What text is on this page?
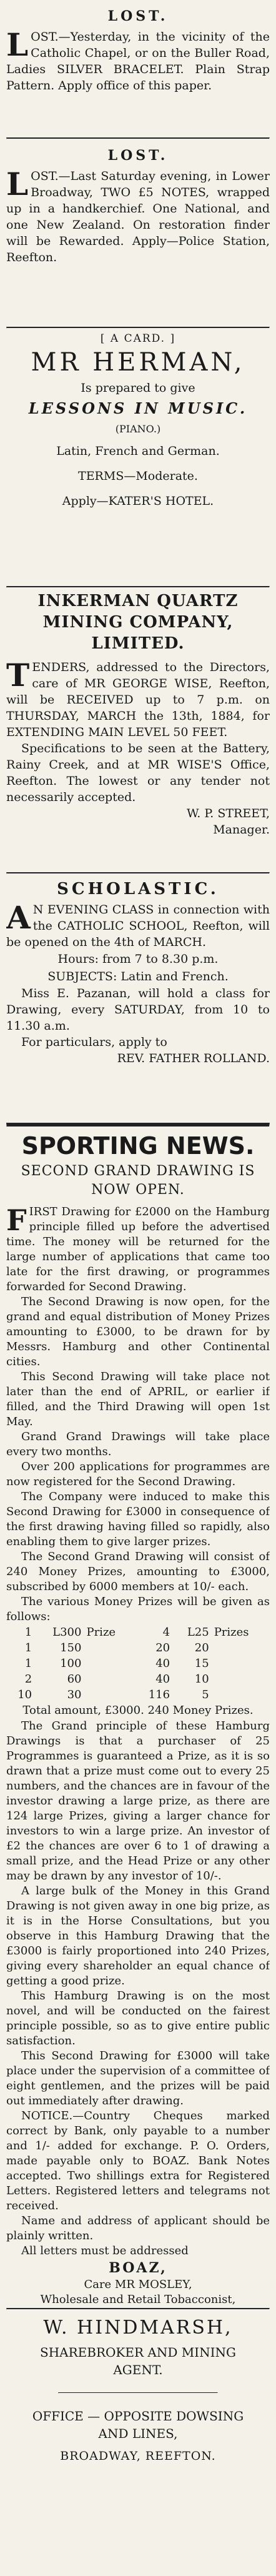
LOST.
LOST.—Yesterday, in the vicinity of the Catholic Chapel, or on the Buller Road, Ladies SILVER BRACELET. Plain Strap Pattern. Apply office of this paper.
LOST.
LOST.—Last Saturday evening, in Lower Broadway, TWO £5 NOTES, wrapped up in a handkerchief. One National, and one New Zealand. On restoration finder will be Rewarded. Apply—Police Station, Reefton.
[ A CARD. ]
MR HERMAN,
Is prepared to give
LESSONS IN MUSIC.
(PIANO.)
Latin, French and German.
TERMS—Moderate.
Apply—KATER'S HOTEL.
INKERMAN QUARTZ MINING COMPANY, LIMITED.
TENDERS, addressed to the Directors, care of MR GEORGE WISE, Reefton, will be RECEIVED up to 7 p.m. on THURSDAY, MARCH the 13th, 1884, for EXTENDING MAIN LEVEL 50 FEET.
Specifications to be seen at the Battery, Rainy Creek, and at MR WISE'S Office, Reefton. The lowest or any tender not necessarily accepted.
W. P. STREET,
Manager.
SCHOLASTIC.
A N EVENING CLASS in connection with the CATHOLIC SCHOOL, Reefton, will be opened on the 4th of MARCH.
Hours: from 7 to 8.30 p.m.
SUBJECTS: Latin and French.
Miss E. Pazanan, will hold a class for Drawing, every SATURDAY, from 10 to 11.30 a.m.
For particulars, apply to
REV. FATHER ROLLAND.
SPORTING NEWS.
SECOND GRAND DRAWING IS NOW OPEN.
FIRST Drawing for £2000 on the Hamburg principle filled up before the advertised time. The money will be returned for the large number of applications that came too late for the first drawing, or programmes forwarded for Second Drawing.
The Second Drawing is now open, for the grand and equal distribution of Money Prizes amounting to £3000, to be drawn for by Messrs. Hamburg and other Continental cities.
This Second Drawing will take place not later than the end of APRIL, or earlier if filled, and the Third Drawing will open 1st May.
Grand Grand Drawings will take place every two months.
Over 200 applications for programmes are now registered for the Second Drawing.
The Company were induced to make this Second Drawing for £3000 in consequence of the first drawing having filled so rapidly, also enabling them to give larger prizes.
The Second Grand Drawing will consist of 240 Money Prizes, amounting to £3000, subscribed by 6000 members at 10/- each.
The various Money Prizes will be given as follows:
1	L300	Prize	4	L25	Prizes
1	150		20	20	
1	100		40	15	
2	60		40	10	
10	30		116	5	
Total amount, £3000. 240 Money Prizes.
The Grand principle of these Hamburg Drawings is that a purchaser of 25 Programmes is guaranteed a Prize, as it is so drawn that a prize must come out to every 25 numbers, and the chances are in favour of the investor drawing a large prize, as there are 124 large Prizes, giving a larger chance for investors to win a large prize. An investor of £2 the chances are over 6 to 1 of drawing a small prize, and the Head Prize or any other may be drawn by any investor of 10/-.
A large bulk of the Money in this Grand Drawing is not given away in one big prize, as it is in the Horse Consultations, but you observe in this Hamburg Drawing that the £3000 is fairly proportioned into 240 Prizes, giving every shareholder an equal chance of getting a good prize.
This Hamburg Drawing is on the most novel, and will be conducted on the fairest principle possible, so as to give entire public satisfaction.
This Second Drawing for £3000 will take place under the supervision of a committee of eight gentlemen, and the prizes will be paid out immediately after drawing.
NOTICE.—Country Cheques marked correct by Bank, only payable to a number and 1/- added for exchange. P. O. Orders, made payable only to BOAZ. Bank Notes accepted. Two shillings extra for Registered Letters. Registered letters and telegrams not received.
Name and address of applicant should be plainly written.
All letters must be addressed
BOAZ,
Care MR MOSLEY,
Wholesale and Retail Tobacconist,
W. HINDMARSH,
SHAREBROKER AND MINING AGENT.
OFFICE — OPPOSITE DOWSING AND LINES,
BROADWAY, REEFTON.
